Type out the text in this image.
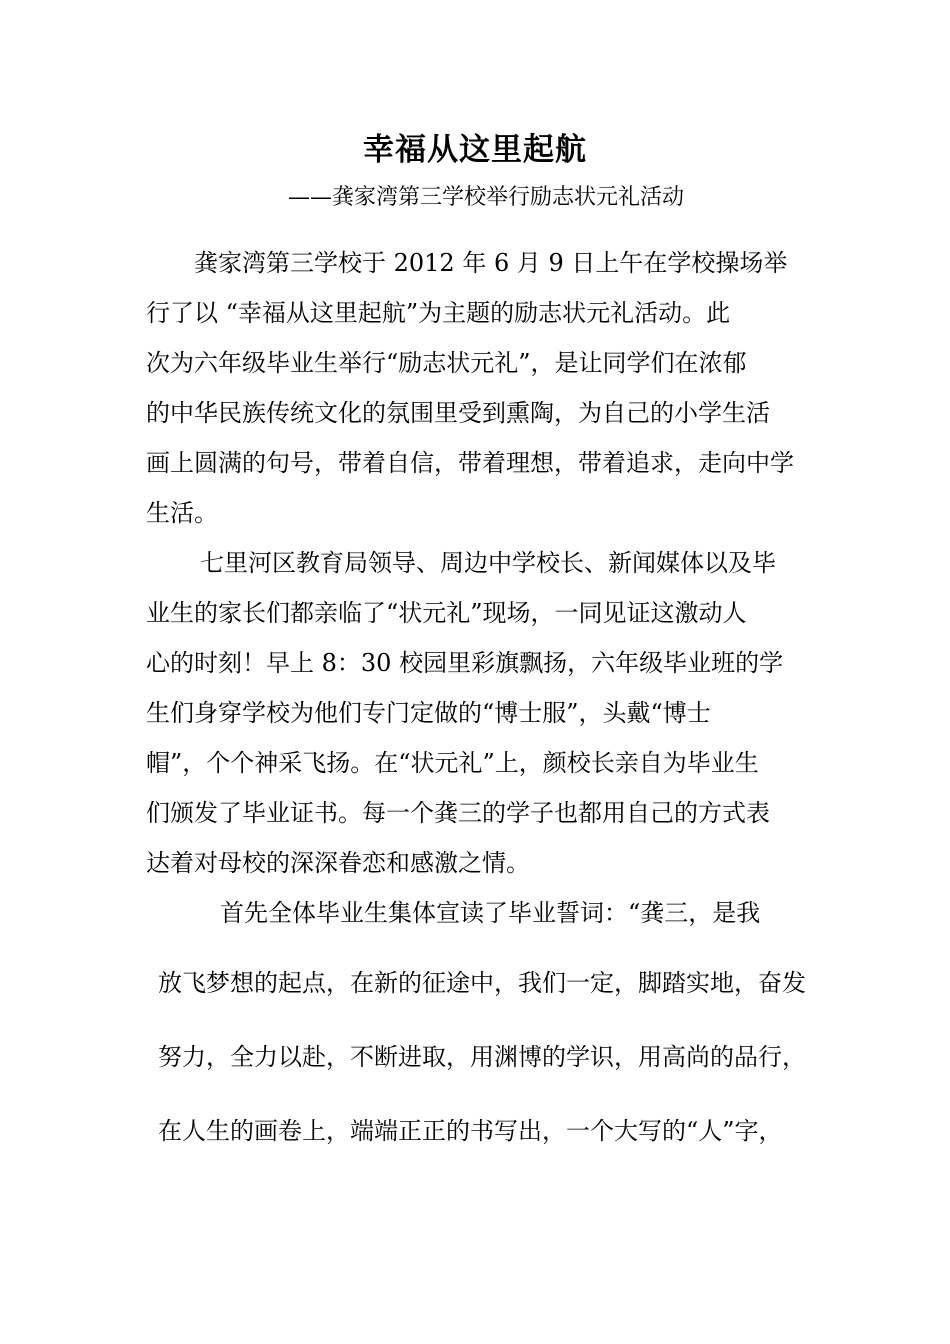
幸福从这里起航
——龚家湾第三学校举行励志状元礼活动
龚家湾第三学校于 2012 年 6 月 9 日上午在学校操场举
行了以 “幸福从这里起航”为主题的励志状元礼活动。此
次为六年级毕业生举行“励志状元礼”，是让同学们在浓郁
的中华民族传统文化的氛围里受到熏陶，为自己的小学生活
画上圆满的句号，带着自信，带着理想，带着追求，走向中学
生活。
七里河区教育局领导、周边中学校长、新闻媒体以及毕
业生的家长们都亲临了“状元礼”现场，一同见证这激动人
心的时刻！早上 8：30 校园里彩旗飘扬，六年级毕业班的学
生们身穿学校为他们专门定做的“博士服”，头戴“博士
帽”，个个神采飞扬。在“状元礼”上，颜校长亲自为毕业生
们颁发了毕业证书。每一个龚三的学子也都用自己的方式表
达着对母校的深深眷恋和感激之情。
首先全体毕业生集体宣读了毕业誓词：“龚三，是我
放飞梦想的起点，在新的征途中，我们一定，脚踏实地，奋发
努力，全力以赴，不断进取，用渊博的学识，用高尚的品行，
在人生的画卷上，端端正正的书写出，一个大写的“人”字，
